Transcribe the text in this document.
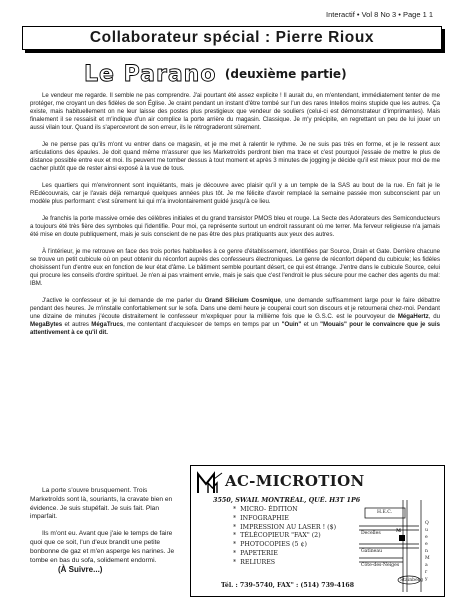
Interactif • Vol 8 No 3 • Page 1 1
Collaborateur spécial : Pierre Rioux
Le Parano $^{(deuxième partie)}$

Le vendeur me regarde. Il semble ne pas comprendre. J'ai pourtant été assez explicite ! Il aurait du, en m'entendant, immédiatement tenter de me protéger, me croyant un des fidèles de son Église. Je craint pendant un instant d'être tombé sur l'un des rares Intellos moins stupide que les autres. Ça existe, mais habituellement on ne leur laisse des postes plus prestigieux que vendeur de souliers (celui-ci est démonstrateur d'imprimantes). Mais finalement il se ressaisit et m'indique d'un air complice la porte arrière du magasin. Classique. Je m'y précipite, en regrettant un peu de lui jouer un aussi vilain tour. Quand ils s'apercevront de son erreur, ils le rétrograderont sûrement.

Je ne pense pas qu'ils m'ont vu entrer dans ce magasin, et je me met à ralentir le rythme. Je ne suis pas très en forme, et je le ressent aux articulations des épaules. Je doit quand même m'assurer que les Marketroïds perdront bien ma trace et c'est pourquoi j'essaie de mettre le plus de distance possible entre eux et moi. Ils peuvent me tomber dessus à tout moment et après 3 minutes de jogging je décide qu'il est mieux pour moi de me cacher plutôt que de rester ainsi exposé à la vue de tous.

Les quartiers qui m'environnent sont inquiétants, mais je découvre avec plaisir qu'il y a un temple de la SAS au bout de la rue. En fait je le REdécouvrais, car je l'avais déjà remarqué quelques années plus tôt. Je me félicite d'avoir remplacé la semaine passée mon subconscient par un modèle plus performant: c'est sûrement lui qui m'a involontairement guidé jusqu'à ce lieu.

Je franchis la porte massive ornée des célèbres initiales et du grand transistor PMOS bleu et rouge. La Secte des Adorateurs des Semiconducteurs a toujours été très fière des symboles qui l'identifie. Pour moi, ça représente surtout un endroit rassurant où me terrer. Ma ferveur religieuse n'a jamais été mise en doute publiquement, mais je suis conscient de ne pas être des plus pratiquants aux yeux des autres.

À l'intérieur, je me retrouve en face des trois portes habituelles à ce genre d'établissement, identifiées par Source, Drain et Gate. Derrière chacune se trouve un petit cubicule où on peut obtenir du réconfort auprès des confesseurs électroniques. Le genre de réconfort dépend du cubicule; les fidèles choisissent l'un d'entre eux en fonction de leur état d'âme. Le bâtiment semble pourtant désert, ce qui est étrange. J'entre dans le cubicule Source, celui qui procure les conseils d'ordre spirituel. Je n'en ai pas vraiment envie, mais je sais que c'est l'endroit le plus sécure pour me cacher des agents du mal: IBM.

J'active le confesseur et je lui demande de me parler du Grand Silicium Cosmique, une demande suffisamment large pour le faire débattre pendant des heures. Je m'installe confortablement sur le sofa. Dans une demi heure je couperai court son discours et je retournerai chez-moi. Pendant une dizaine de minutes j'écoute distraitement le confesseur m'expliquer pour la millième fois que le G.S.C. est le pourvoyeur de MégaHertz, du MegaBytes et autres MégaTrucs, me contentant d'acquiescer de temps en temps par un "Ouin" et un "Mouais" pour le convaincre que je suis attentivement à ce qu'il dit.

La porte s'ouvre brusquement. Trois Marketroïds sont là, souriants, la cravate bien en évidence. Je suis stupéfait. Je suis fait. Plan imparfait.

Ils m'ont eu. Avant que j'aie le temps de faire quoi que ce soit, l'un d'eux brandit une petite bonbonne de gaz et m'en asperge les narines. Je tombe en bas du sofa, solidement endormi.

(À Suivre...)
AC-MICROTION
3550, SWAIL MONTRÉAL, QUÉ. H3T 1P6
* MICRO- ÉDITION
* INFOGRAPHIE
* IMPRESSION AU LASER ! ($)
* TÉLÉCOPIEUR "FAX" (2)
* PHOTOCOPIES (5 ¢)
* PAPETERIE
* RELIURES
Tél. : 739-5740, FAX" : (514) 739-4168
H.E.C.
Decelles
Gatineau
Côte-des-Neiges
Stainberg
Queen Mary
M
